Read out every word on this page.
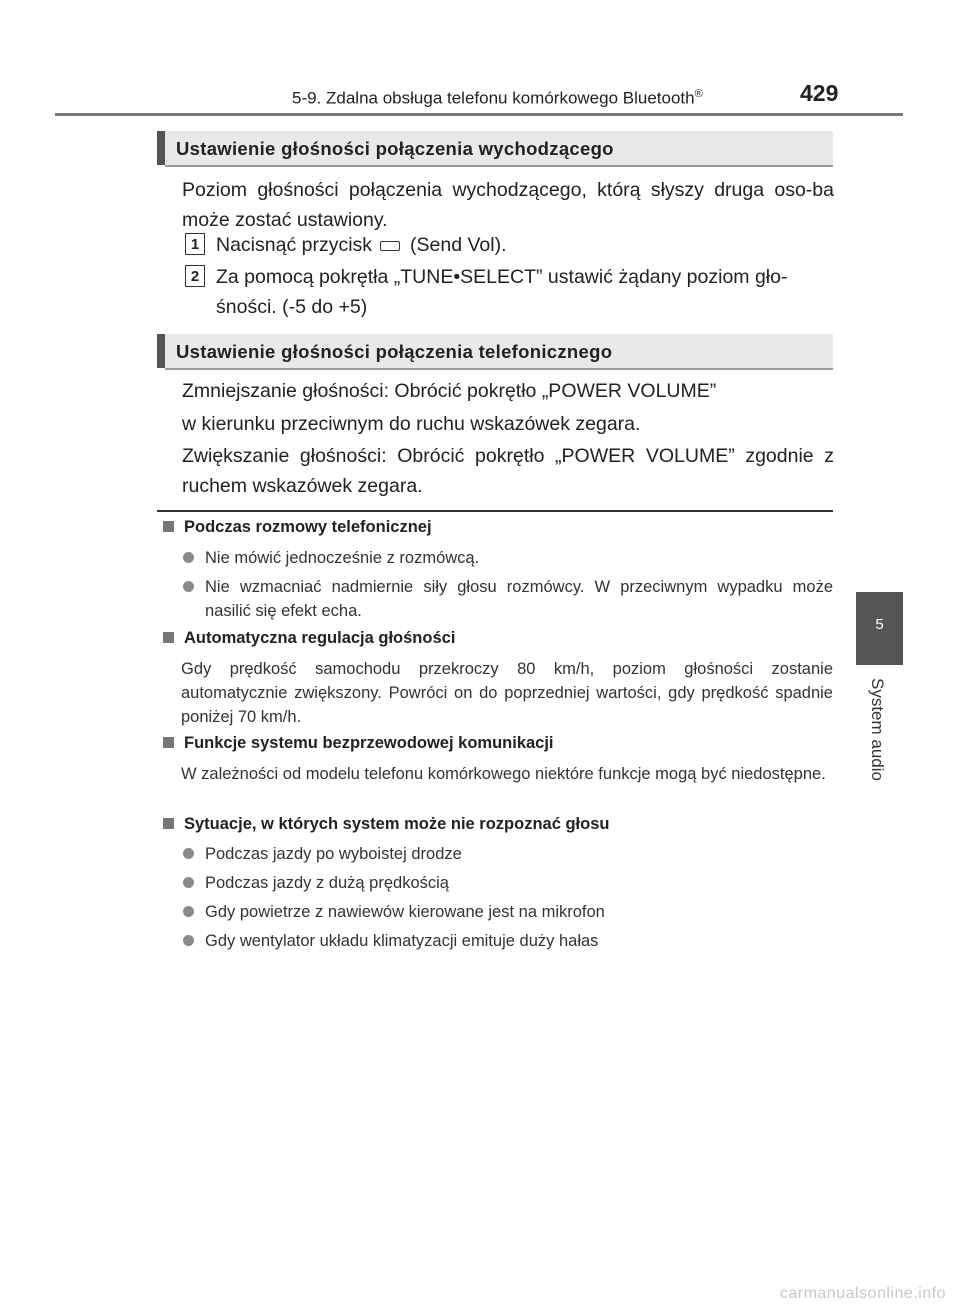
5-9. Zdalna obsługa telefonu komórkowego Bluetooth®	429
Ustawienie głośności połączenia wychodzącego
Poziom głośności połączenia wychodzącego, którą słyszy druga oso-ba może zostać ustawiony.
1 Nacisnąć przycisk (Send Vol).
2 Za pomocą pokrętła „TUNE•SELECT” ustawić żądany poziom gło-śności. (-5 do +5)
Ustawienie głośności połączenia telefonicznego
Zmniejszanie głośności: Obrócić pokrętło „POWER VOLUME”
w kierunku przeciwnym do ruchu wskazówek zegara.
Zwiększanie głośności: Obrócić pokrętło „POWER VOLUME” zgodnie z ruchem wskazówek zegara.
Podczas rozmowy telefonicznej
Nie mówić jednocześnie z rozmówcą.
Nie wzmacniać nadmiernie siły głosu rozmówcy. W przeciwnym wypadku może nasilić się efekt echa.
Automatyczna regulacja głośności
Gdy prędkość samochodu przekroczy 80 km/h, poziom głośności zostanie automatycznie zwiększony. Powróci on do poprzedniej wartości, gdy prędkość spadnie poniżej 70 km/h.
Funkcje systemu bezprzewodowej komunikacji
W zależności od modelu telefonu komórkowego niektóre funkcje mogą być niedostępne.
Sytuacje, w których system może nie rozpoznać głosu
Podczas jazdy po wyboistej drodze
Podczas jazdy z dużą prędkością
Gdy powietrze z nawiewów kierowane jest na mikrofon
Gdy wentylator układu klimatyzacji emituje duży hałas
5
System audio
carmanualsonline.info
